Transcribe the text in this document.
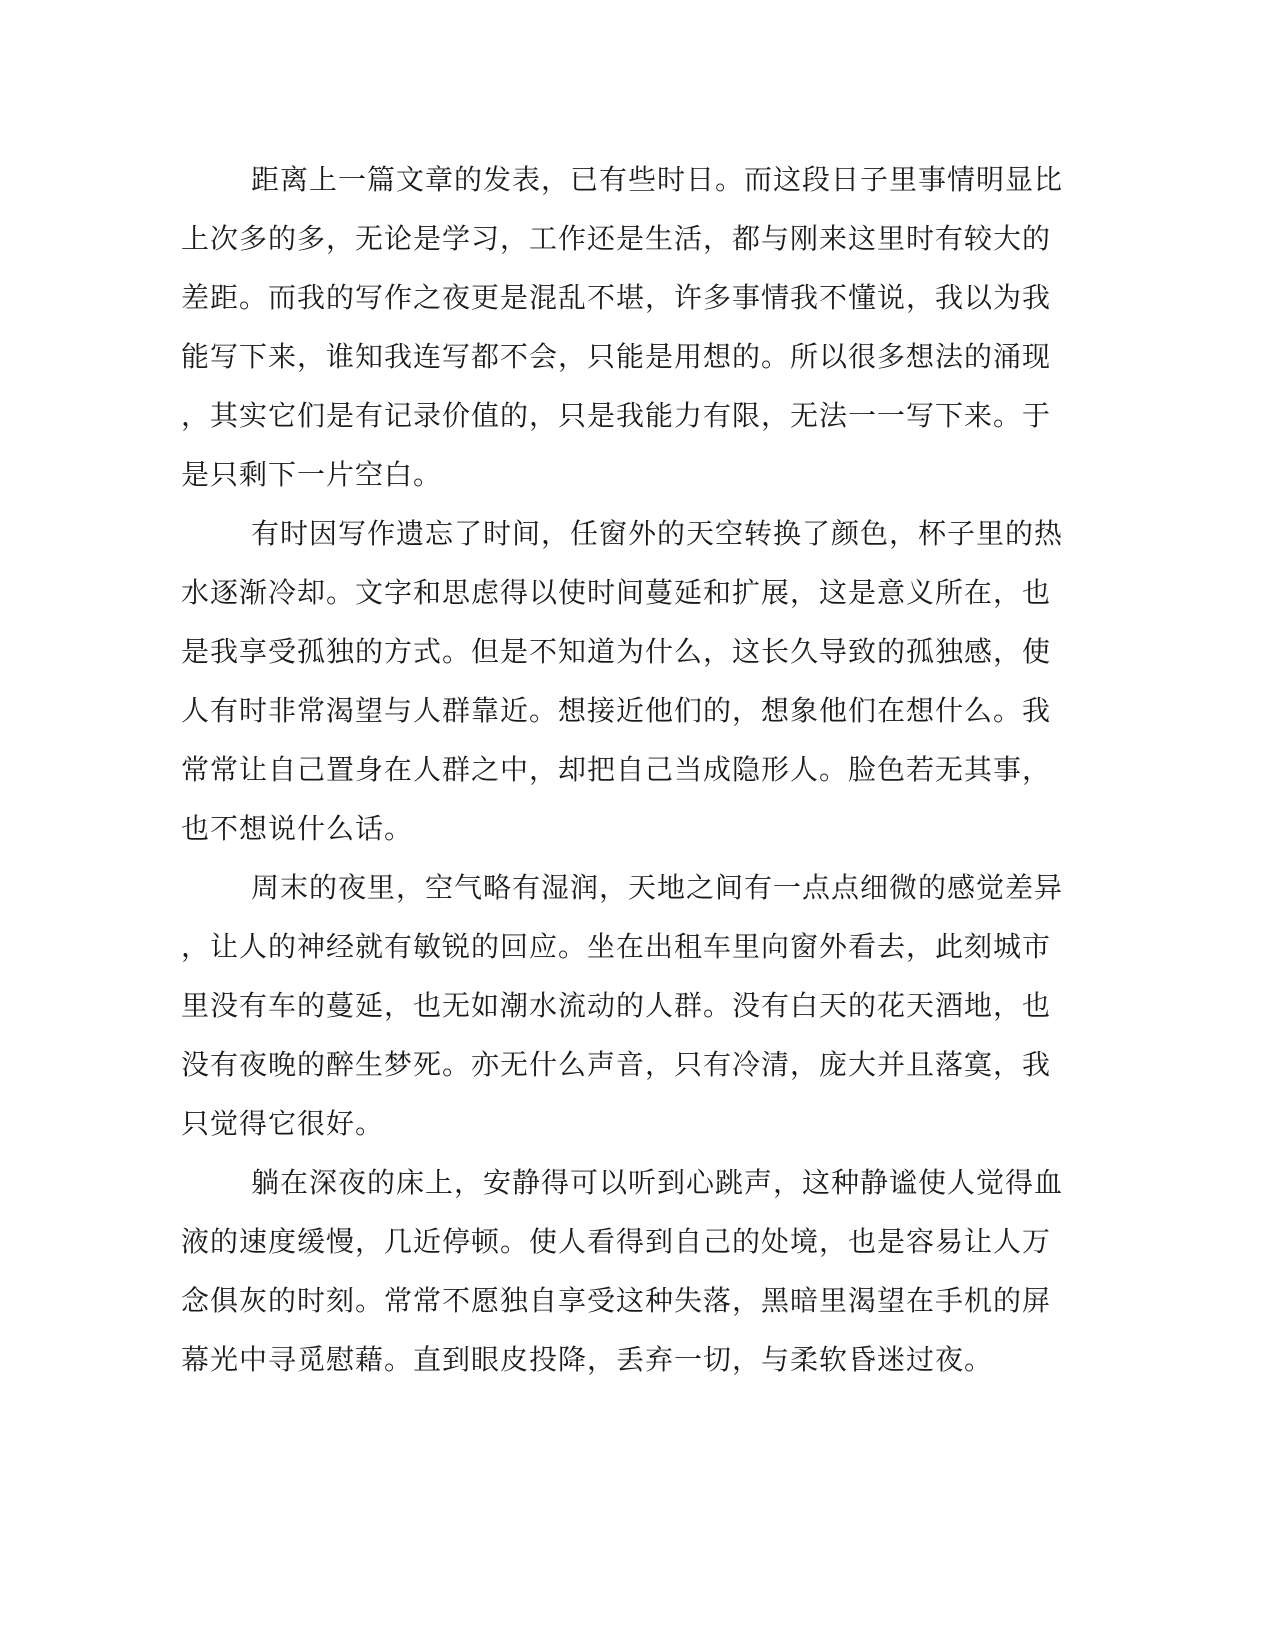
距离上一篇文章的发表，已有些时日。而这段日子里事情明显比
上次多的多，无论是学习，工作还是生活，都与刚来这里时有较大的
差距。而我的写作之夜更是混乱不堪，许多事情我不懂说，我以为我
能写下来，谁知我连写都不会，只能是用想的。所以很多想法的涌现
，其实它们是有记录价值的，只是我能力有限，无法一一写下来。于
是只剩下一片空白。

有时因写作遗忘了时间，任窗外的天空转换了颜色，杯子里的热
水逐渐冷却。文字和思虑得以使时间蔓延和扩展，这是意义所在，也
是我享受孤独的方式。但是不知道为什么，这长久导致的孤独感，使
人有时非常渴望与人群靠近。想接近他们的，想象他们在想什么。我
常常让自己置身在人群之中，却把自己当成隐形人。脸色若无其事，
也不想说什么话。

周末的夜里，空气略有湿润，天地之间有一点点细微的感觉差异
，让人的神经就有敏锐的回应。坐在出租车里向窗外看去，此刻城市
里没有车的蔓延，也无如潮水流动的人群。没有白天的花天酒地，也
没有夜晚的醉生梦死。亦无什么声音，只有冷清，庞大并且落寞，我
只觉得它很好。

躺在深夜的床上，安静得可以听到心跳声，这种静谧使人觉得血
液的速度缓慢，几近停顿。使人看得到自己的处境，也是容易让人万
念俱灰的时刻。常常不愿独自享受这种失落，黑暗里渴望在手机的屏
幕光中寻觅慰藉。直到眼皮投降，丢弃一切，与柔软昏迷过夜。
